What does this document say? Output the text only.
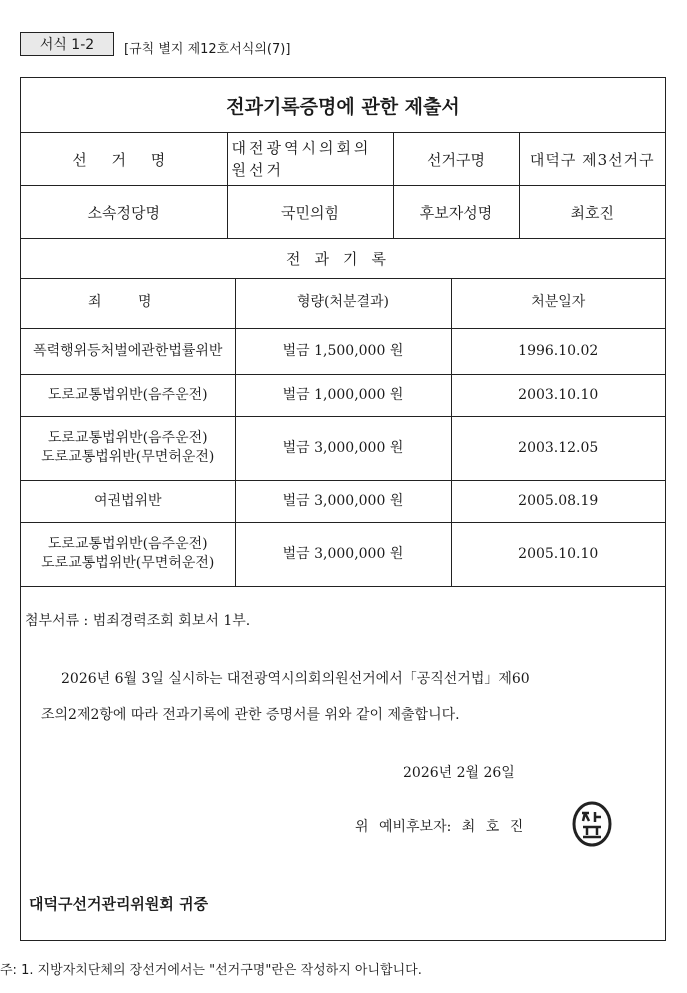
서식 1-2	[규칙 별지 제12호서식의(7)]
전과기록증명에 관한 제출서
선 거 명	대전광역시의회의원선거	선거구명	대덕구 제3선거구
소속정당명	국민의힘	후보자성명	최호진
전과기록
죄 명	형량(처분결과)	처분일자

폭력행위등처벌에관한법률위반	벌금 1,500,000 원	1996.10.02

도로교통법위반(음주운전)	벌금 1,000,000 원	2003.10.10

도로교통법위반(음주운전)
도로교통법위반(무면허운전)	벌금 3,000,000 원	2003.12.05

여권법위반	벌금 3,000,000 원	2005.08.19

도로교통법위반(음주운전)
도로교통법위반(무면허운전)	벌금 3,000,000 원	2005.10.10
첨부서류 : 범죄경력조회 회보서 1부.
2026년 6월 3일 실시하는 대전광역시의회의원선거에서「공직선거법」제60
조의2제2항에 따라 전과기록에 관한 증명서를 위와 같이 제출합니다.
2026년 2월 26일
위 예비후보자: 최 호 진
대덕구선거관리위원회 귀중
주: 1. 지방자치단체의 장선거에서는 "선거구명"란은 작성하지 아니합니다.
